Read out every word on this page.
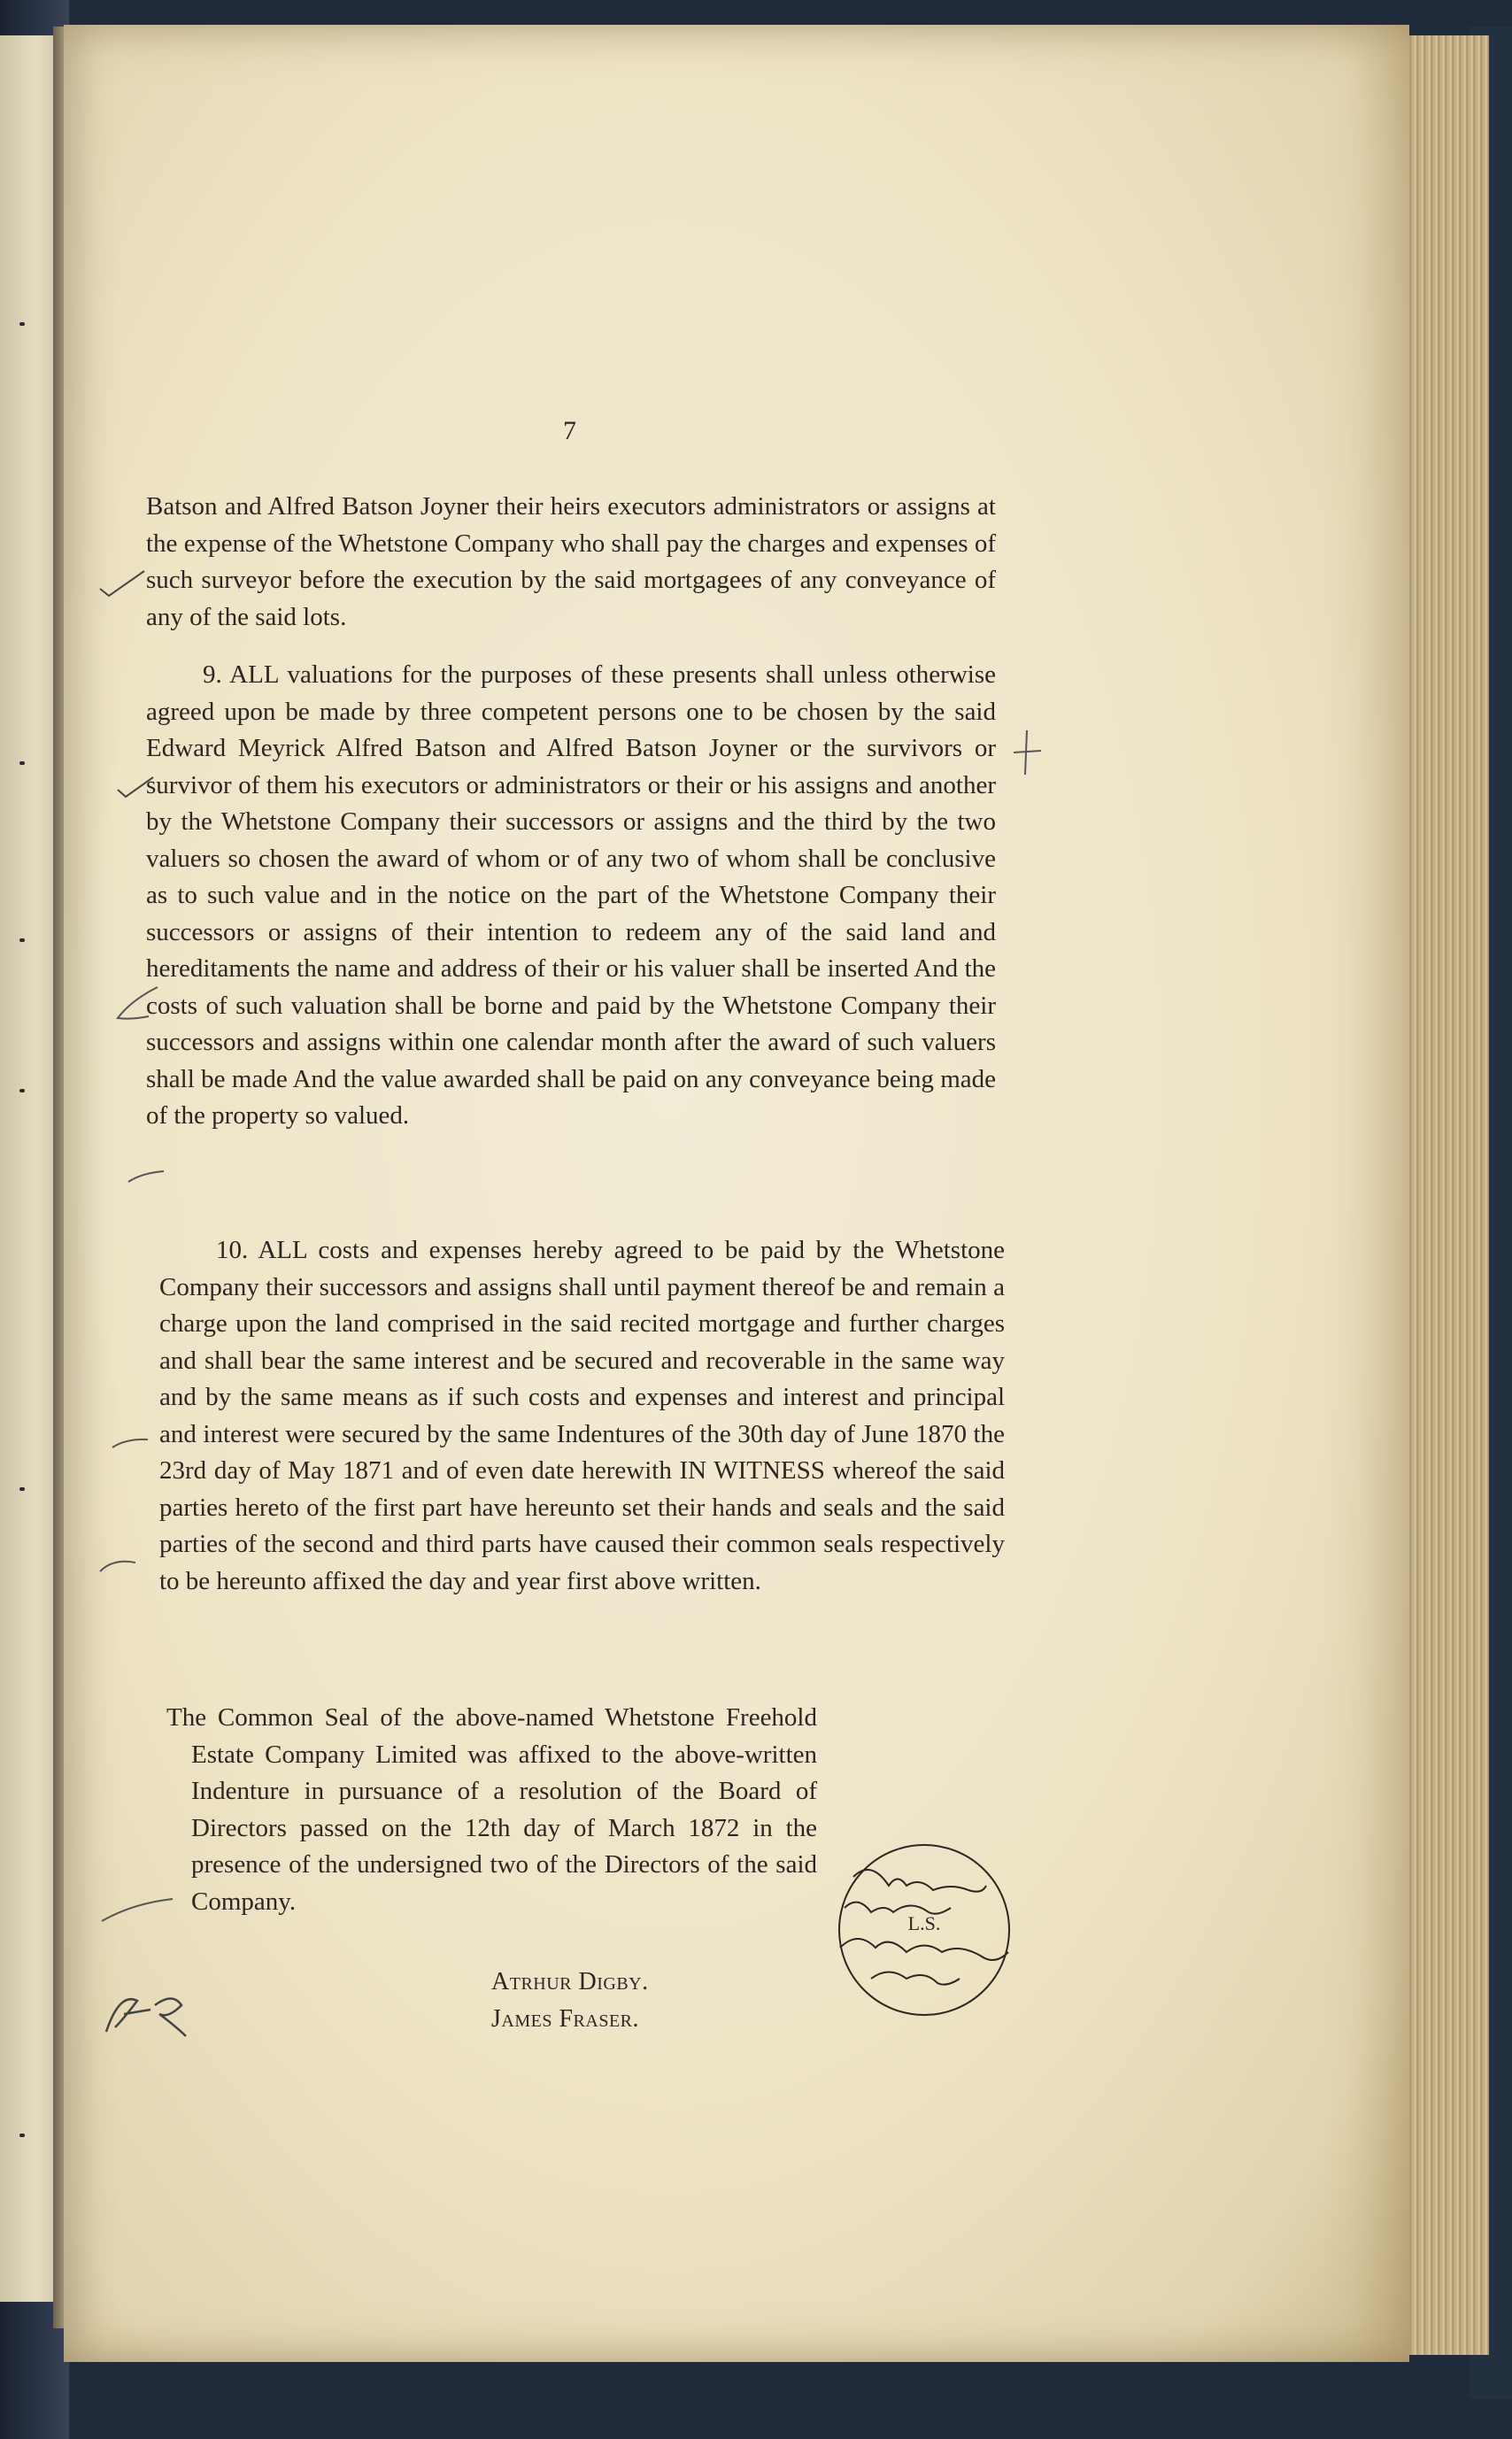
7

Batson and Alfred Batson Joyner their heirs executors administrators or assigns at the expense of the Whetstone Company who shall pay the charges and expenses of such surveyor before the execution by the said mortgagees of any conveyance of any of the said lots.

9. ALL valuations for the purposes of these presents shall unless otherwise agreed upon be made by three competent persons one to be chosen by the said Edward Meyrick Alfred Batson and Alfred Batson Joyner or the survivors or survivor of them his executors or administrators or their or his assigns and another by the Whetstone Company their successors or assigns and the third by the two valuers so chosen the award of whom or of any two of whom shall be conclusive as to such value and in the notice on the part of the Whetstone Company their successors or assigns of their intention to redeem any of the said land and hereditaments the name and address of their or his valuer shall be inserted And the costs of such valuation shall be borne and paid by the Whetstone Company their successors and assigns within one calendar month after the award of such valuers shall be made And the value awarded shall be paid on any conveyance being made of the property so valued.

10. ALL costs and expenses hereby agreed to be paid by the Whetstone Company their successors and assigns shall until payment thereof be and remain a charge upon the land comprised in the said recited mortgage and further charges and shall bear the same interest and be secured and recoverable in the same way and by the same means as if such costs and expenses and interest and principal and interest were secured by the same Indentures of the 30th day of June 1870 the 23rd day of May 1871 and of even date herewith IN WITNESS whereof the said parties hereto of the first part have hereunto set their hands and seals and the said parties of the second and third parts have caused their common seals respectively to be hereunto affixed the day and year first above written.

The Common Seal of the above-named Whetstone Freehold Estate Company Limited was affixed to the above-written Indenture in pursuance of a resolution of the Board of Directors passed on the 12th day of March 1872 in the presence of the undersigned two of the Directors of the said Company.

Atrhur Digby.
James Fraser.
L.S.
